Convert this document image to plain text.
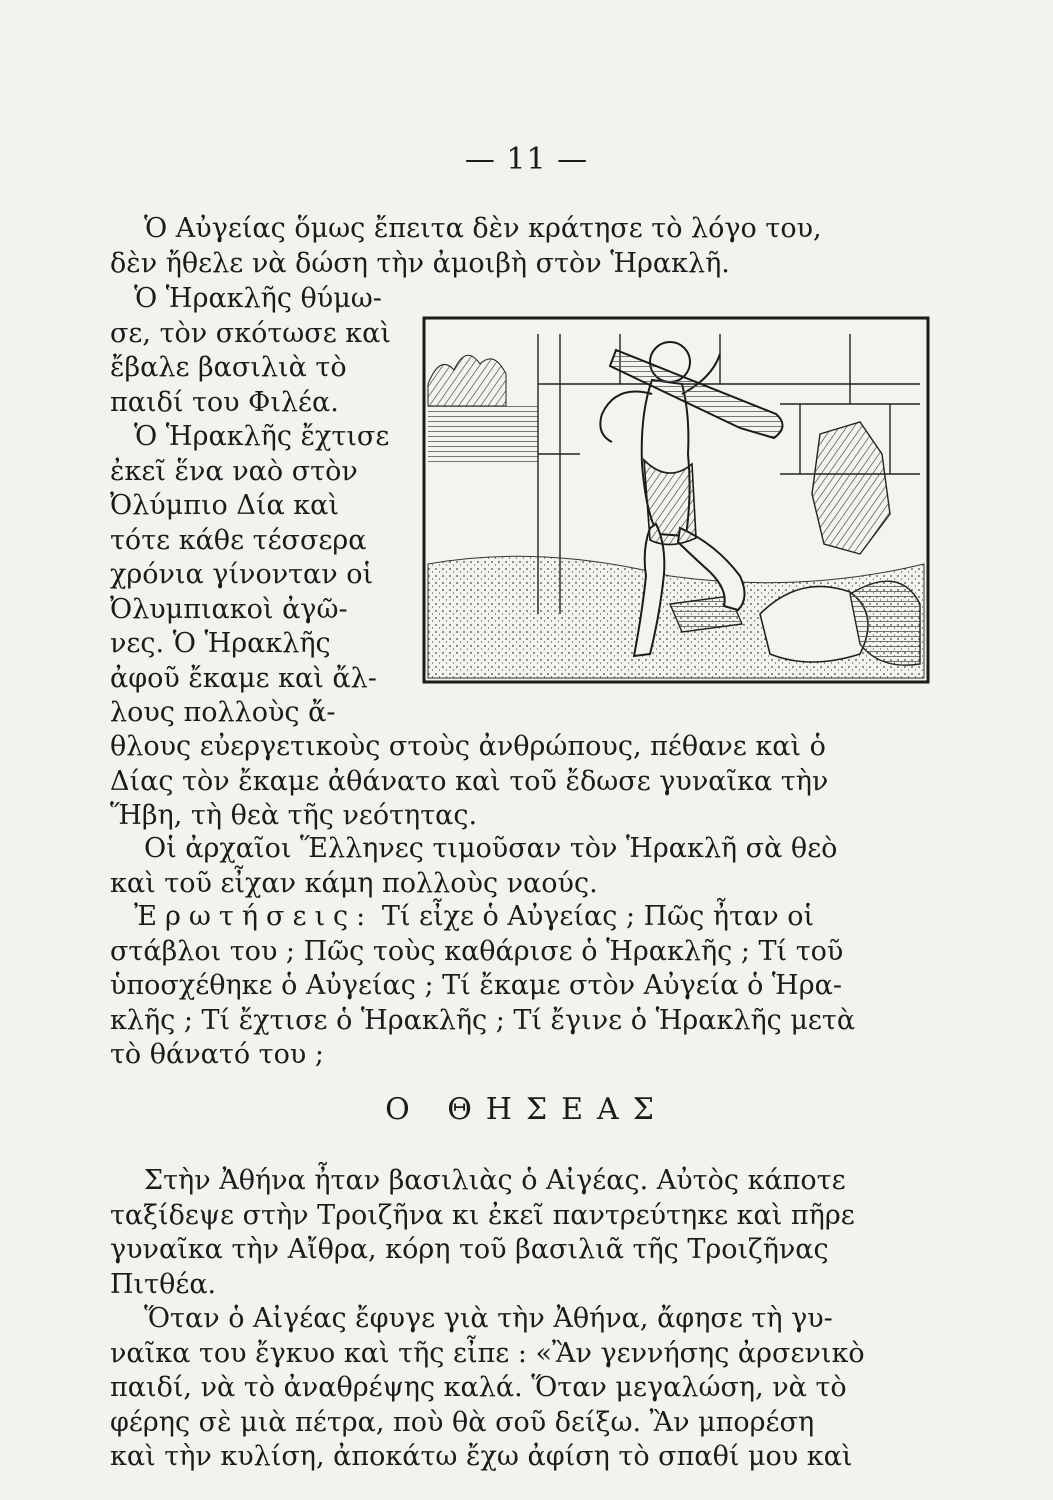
— 11 —

Ὁ Αὐγείας ὅμως ἔπειτα δὲν κράτησε τὸ λόγο του,
δὲν ἤθελε νὰ δώση τὴν ἀμοιβὴ στὸν Ἡρακλῆ.

Ὁ Ἡρακλῆς θύμω-
σε, τὸν σκότωσε καὶ
ἔβαλε βασιλιὰ τὸ
παιδί του Φιλέα.
Ὁ Ἡρακλῆς ἔχτισε
ἐκεῖ ἕνα ναὸ στὸν
Ὀλύμπιο Δία καὶ
τότε κάθε τέσσερα
χρόνια γίνονταν οἱ
Ὀλυμπιακοὶ ἀγῶ-
νες. Ὁ Ἡρακλῆς
ἀφοῦ ἔκαμε καὶ ἄλ-
λους πολλοὺς ἄ-
θλους εὐεργετικοὺς στοὺς ἀνθρώπους, πέθανε καὶ ὁ
Δίας τὸν ἔκαμε ἀθάνατο καὶ τοῦ ἔδωσε γυναῖκα τὴν
Ἥβη, τὴ θεὰ τῆς νεότητας.
Οἱ ἀρχαῖοι Ἕλληνες τιμοῦσαν τὸν Ἡρακλῆ σὰ θεὸ
καὶ τοῦ εἶχαν κάμη πολλοὺς ναούς.
Ἐρωτήσεις: Τί εἶχε ὁ Αὐγείας ; Πῶς ἦταν οἱ
στάβλοι του ; Πῶς τοὺς καθάρισε ὁ Ἡρακλῆς ; Τί τοῦ
ὑποσχέθηκε ὁ Αὐγείας ; Τί ἔκαμε στὸν Αὐγεία ὁ Ἡρα-
κλῆς ; Τί ἔχτισε ὁ Ἡρακλῆς ; Τί ἔγινε ὁ Ἡρακλῆς μετὰ
τὸ θάνατό του ;
Ο ΘΗΣΕΑΣ
Στὴν Ἀθήνα ἦταν βασιλιὰς ὁ Αἰγέας. Αὐτὸς κάποτε
ταξίδεψε στὴν Τροιζῆνα κι ἐκεῖ παντρεύτηκε καὶ πῆρε
γυναῖκα τὴν Αἴθρα, κόρη τοῦ βασιλιᾶ τῆς Τροιζῆνας
Πιτθέα.
Ὅταν ὁ Αἰγέας ἔφυγε γιὰ τὴν Ἀθήνα, ἄφησε τὴ γυ-
ναῖκα του ἔγκυο καὶ τῆς εἶπε : «Ἂν γεννήσης ἀρσενικὸ
παιδί, νὰ τὸ ἀναθρέψης καλά. Ὅταν μεγαλώση, νὰ τὸ
φέρης σὲ μιὰ πέτρα, ποὺ θὰ σοῦ δείξω. Ἂν μπορέση
καὶ τὴν κυλίση, ἀποκάτω ἔχω ἀφίση τὸ σπαθί μου καὶ
